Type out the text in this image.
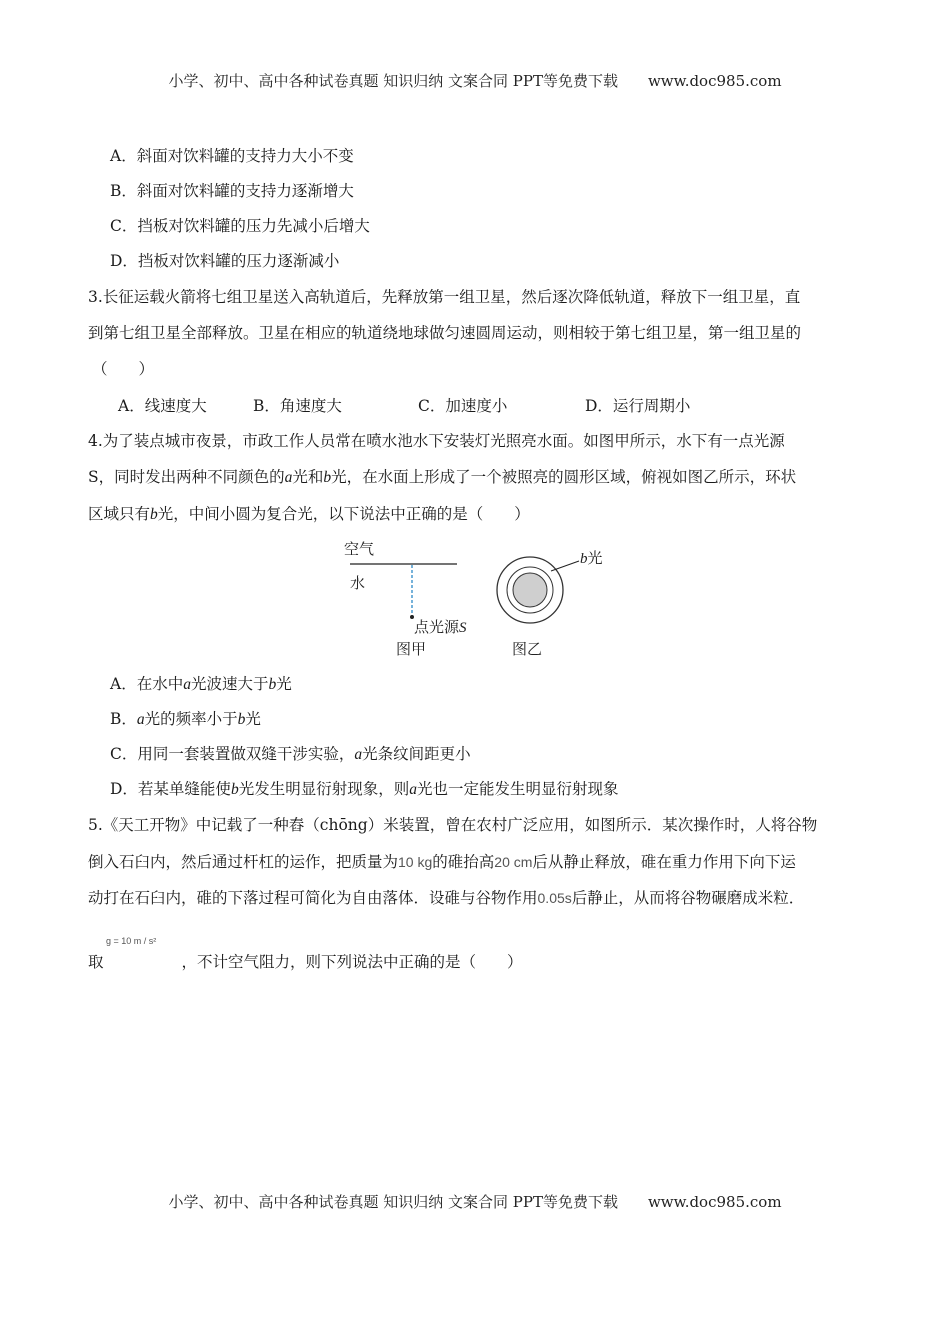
小学、初中、高中各种试卷真题 知识归纳 文案合同 PPT等免费下载 www.doc985.com
A．斜面对饮料罐的支持力大小不变
B．斜面对饮料罐的支持力逐渐增大
C．挡板对饮料罐的压力先减小后增大
D．挡板对饮料罐的压力逐渐减小
3.长征运载火箭将七组卫星送入高轨道后，先释放第一组卫星，然后逐次降低轨道，释放下一组卫星，直
到第七组卫星全部释放。卫星在相应的轨道绕地球做匀速圆周运动，则相较于第七组卫星，第一组卫星的
（　　）
A．线速度大	B．角速度大	C．加速度小	D．运行周期小
4.为了装点城市夜景，市政工作人员常在喷水池水下安装灯光照亮水面。如图甲所示，水下有一点光源
S，同时发出两种不同颜色的a光和b光，在水面上形成了一个被照亮的圆形区域，俯视如图乙所示，环状
区域只有b光，中间小圆为复合光，以下说法中正确的是（　　）
空气
水
点光源S
图甲
b光
图乙
A．在水中a光波速大于b光
B．a光的频率小于b光
C．用同一套装置做双缝干涉实验，a光条纹间距更小
D．若某单缝能使b光发生明显衍射现象，则a光也一定能发生明显衍射现象
5.《天工开物》中记载了一种舂（chōng）米装置，曾在农村广泛应用，如图所示．某次操作时，人将谷物
倒入石臼内，然后通过杆杠的运作，把质量为10 kg的碓抬高20 cm后从静止释放，碓在重力作用下向下运
动打在石臼内，碓的下落过程可简化为自由落体．设碓与谷物作用0.05s后静止，从而将谷物碾磨成米粒．
取	，不计空气阻力，则下列说法中正确的是（　　）
g = 10 m / s²
小学、初中、高中各种试卷真题 知识归纳 文案合同 PPT等免费下载 www.doc985.com
